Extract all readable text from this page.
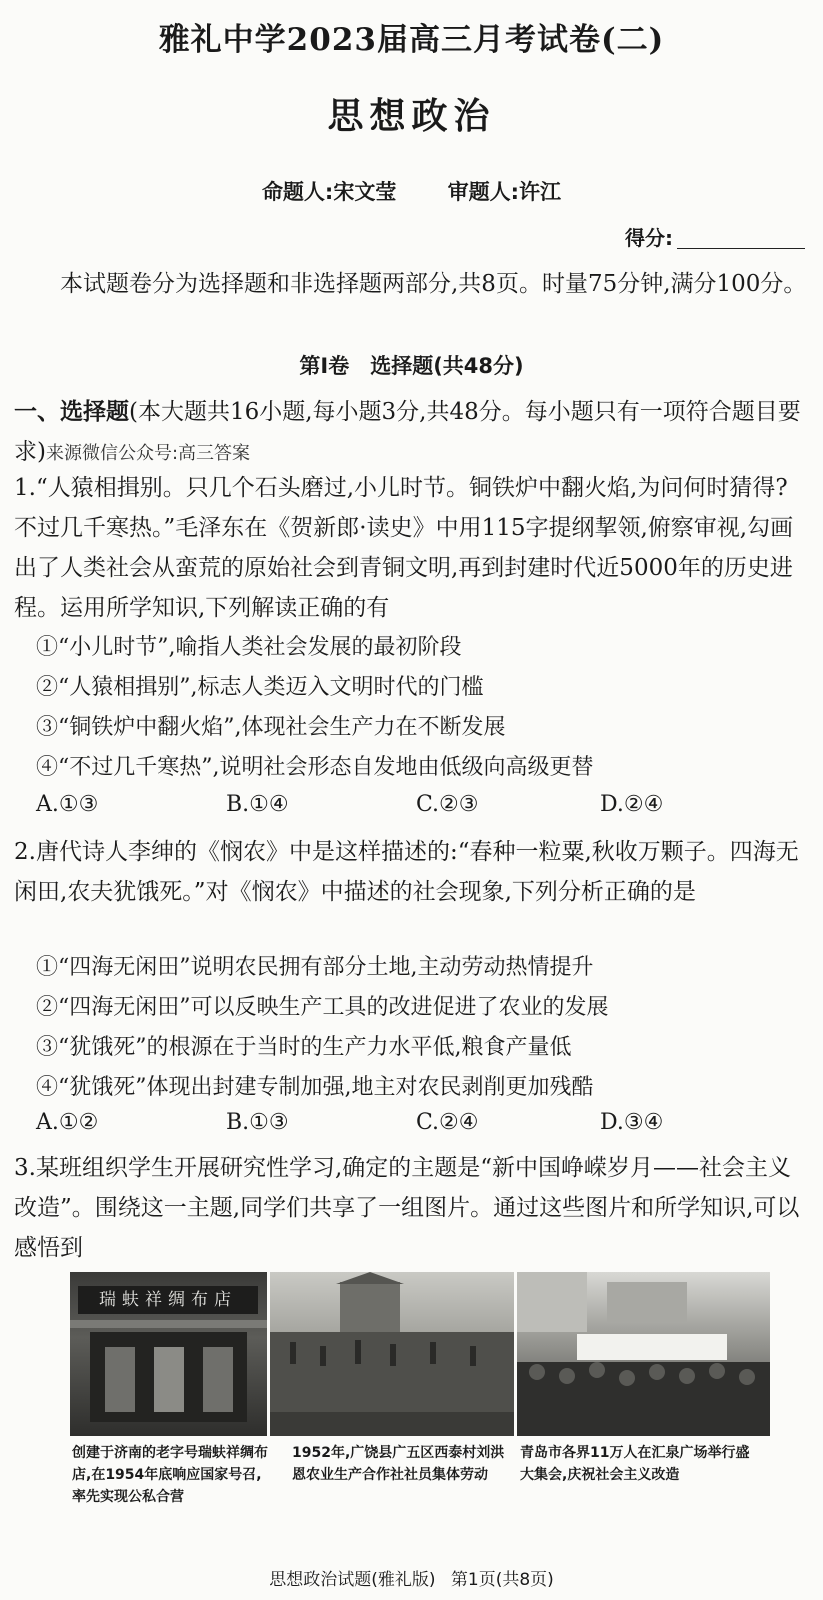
雅礼中学2023届高三月考试卷(二)
思想政治
命题人:宋文莹 审题人:许江
得分:
本试题卷分为选择题和非选择题两部分,共8页。时量75分钟,满分100分。
第Ⅰ卷　选择题(共48分)
一、选择题(本大题共16小题,每小题3分,共48分。每小题只有一项符合题目要求)来源微信公众号:高三答案
1.“人猿相揖别。只几个石头磨过,小儿时节。铜铁炉中翻火焰,为问何时猜得?不过几千寒热。”毛泽东在《贺新郎·读史》中用115字提纲挈领,俯察审视,勾画出了人类社会从蛮荒的原始社会到青铜文明,再到封建时代近5000年的历史进程。运用所学知识,下列解读正确的有
①“小儿时节”,喻指人类社会发展的最初阶段
②“人猿相揖别”,标志人类迈入文明时代的门槛
③“铜铁炉中翻火焰”,体现社会生产力在不断发展
④“不过几千寒热”,说明社会形态自发地由低级向高级更替
A.①③	B.①④	C.②③	D.②④
2.唐代诗人李绅的《悯农》中是这样描述的:“春种一粒粟,秋收万颗子。四海无闲田,农夫犹饿死。”对《悯农》中描述的社会现象,下列分析正确的是
①“四海无闲田”说明农民拥有部分土地,主动劳动热情提升
②“四海无闲田”可以反映生产工具的改进促进了农业的发展
③“犹饿死”的根源在于当时的生产力水平低,粮食产量低
④“犹饿死”体现出封建专制加强,地主对农民剥削更加残酷
A.①②	B.①③	C.②④	D.③④
3.某班组织学生开展研究性学习,确定的主题是“新中国峥嵘岁月——社会主义改造”。围绕这一主题,同学们共享了一组图片。通过这些图片和所学知识,可以感悟到
瑞蚨祥绸布店
创建于济南的老字号瑞蚨祥绸布店,在1954年底响应国家号召,率先实现公私合营
1952年,广饶县广五区西泰村刘洪恩农业生产合作社社员集体劳动
青岛市各界11万人在汇泉广场举行盛大集会,庆祝社会主义改造
思想政治试题(雅礼版) 第1页(共8页)
